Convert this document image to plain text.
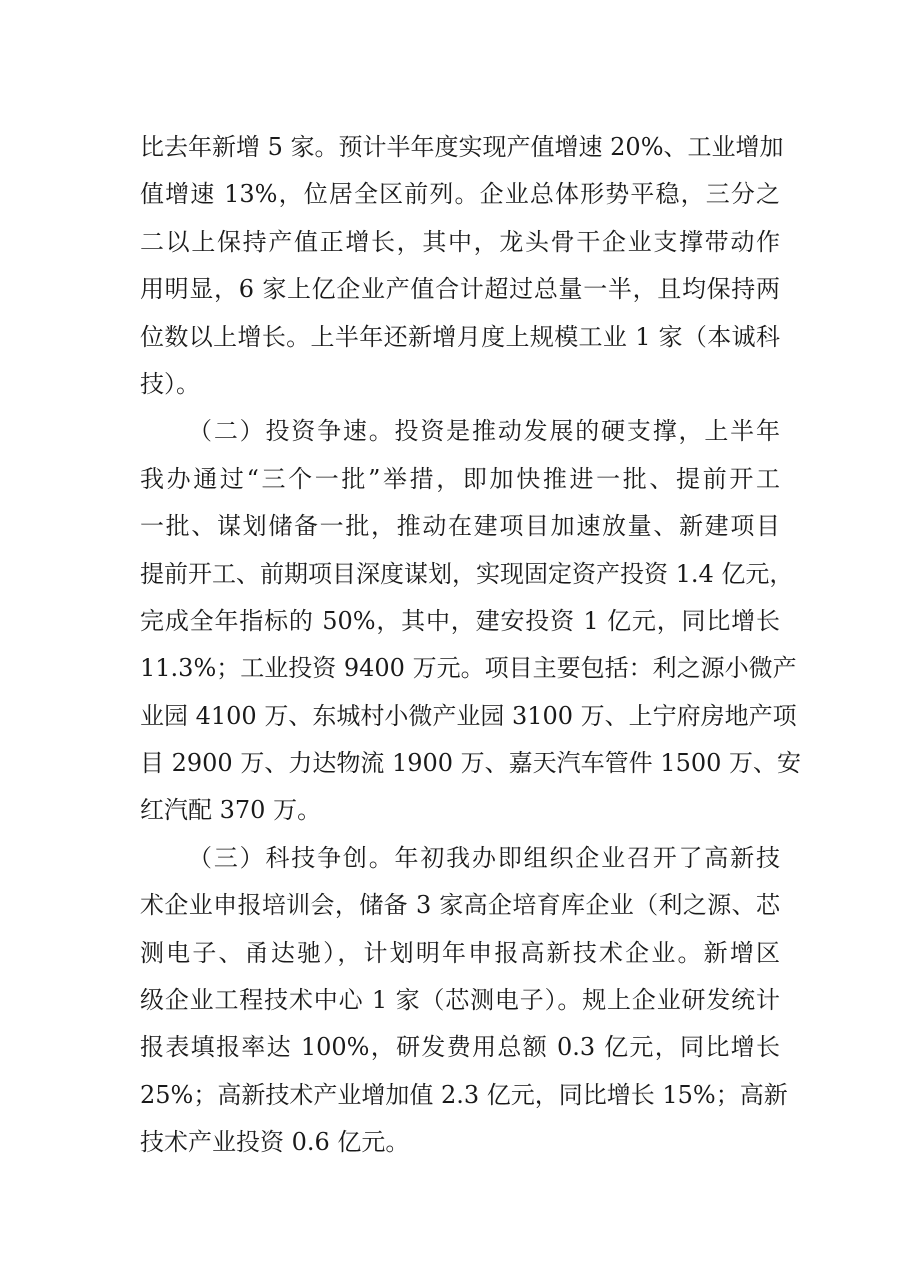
比去年新增 5 家。预计半年度实现产值增速 20%、工业增加
值增速 13%，位居全区前列。企业总体形势平稳，三分之
二以上保持产值正增长，其中，龙头骨干企业支撑带动作
用明显，6 家上亿企业产值合计超过总量一半，且均保持两
位数以上增长。上半年还新增月度上规模工业 1 家（本诚科
技）。
（二）投资争速。投资是推动发展的硬支撑，上半年
我办通过“三个一批”举措，即加快推进一批、提前开工
一批、谋划储备一批，推动在建项目加速放量、新建项目
提前开工、前期项目深度谋划，实现固定资产投资 1.4 亿元，
完成全年指标的 50%，其中，建安投资 1 亿元，同比增长
11.3%；工业投资 9400 万元。项目主要包括：利之源小微产
业园 4100 万、东城村小微产业园 3100 万、上宁府房地产项
目 2900 万、力达物流 1900 万、嘉天汽车管件 1500 万、安
红汽配 370 万。
（三）科技争创。年初我办即组织企业召开了高新技
术企业申报培训会，储备 3 家高企培育库企业（利之源、芯
测电子、甬达驰），计划明年申报高新技术企业。新增区
级企业工程技术中心 1 家（芯测电子）。规上企业研发统计
报表填报率达 100%，研发费用总额 0.3 亿元，同比增长
25%；高新技术产业增加值 2.3 亿元，同比增长 15%；高新
技术产业投资 0.6 亿元。
